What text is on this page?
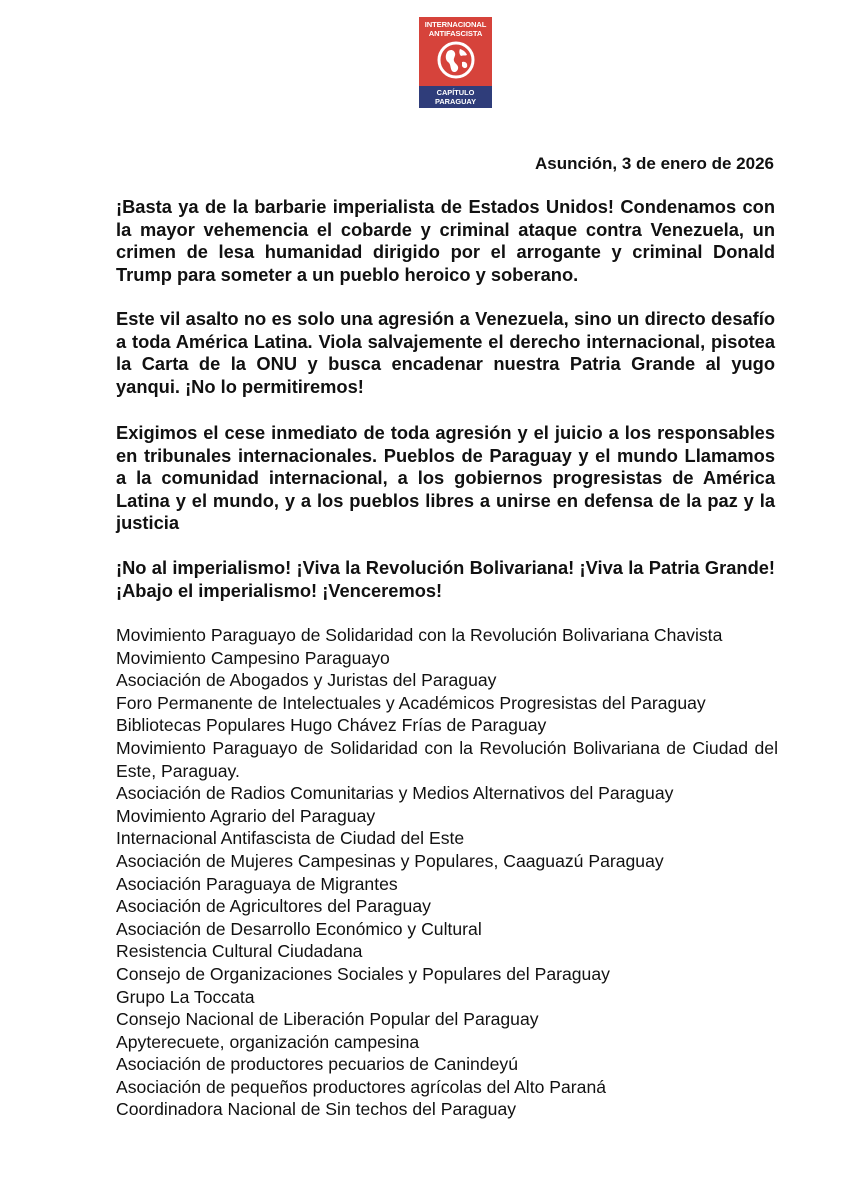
INTERNACIONAL
ANTIFASCISTA
CAPÍTULO
PARAGUAY
Asunción, 3 de enero de 2026

¡Basta ya de la barbarie imperialista de Estados Unidos! Condenamos con la mayor vehemencia el cobarde y criminal ataque contra Venezuela, un crimen de lesa humanidad dirigido por el arrogante y criminal Donald Trump para someter a un pueblo heroico y soberano.

Este vil asalto no es solo una agresión a Venezuela, sino un directo desafío a toda América Latina. Viola salvajemente el derecho internacional, pisotea la Carta de la ONU y busca encadenar nuestra Patria Grande al yugo yanqui. ¡No lo permitiremos!

Exigimos el cese inmediato de toda agresión y el juicio a los responsables en tribunales internacionales. Pueblos de Paraguay y el mundo Llamamos a la comunidad internacional, a los gobiernos progresistas de América Latina y el mundo, y a los pueblos libres a unirse en defensa de la paz y la justicia

¡No al imperialismo! ¡Viva la Revolución Bolivariana! ¡Viva la Patria Grande! ¡Abajo el imperialismo! ¡Venceremos!

Movimiento Paraguayo de Solidaridad con la Revolución Bolivariana Chavista
Movimiento Campesino Paraguayo
Asociación de Abogados y Juristas del Paraguay
Foro Permanente de Intelectuales y Académicos Progresistas del Paraguay
Bibliotecas Populares Hugo Chávez Frías de Paraguay
Movimiento Paraguayo de Solidaridad con la Revolución Bolivariana de Ciudad del Este, Paraguay.
Asociación de Radios Comunitarias y Medios Alternativos del Paraguay
Movimiento Agrario del Paraguay
Internacional Antifascista de Ciudad del Este
Asociación de Mujeres Campesinas y Populares, Caaguazú Paraguay
Asociación Paraguaya de Migrantes
Asociación de Agricultores del Paraguay
Asociación de Desarrollo Económico y Cultural
Resistencia Cultural Ciudadana
Consejo de Organizaciones Sociales y Populares del Paraguay
Grupo La Toccata
Consejo Nacional de Liberación Popular del Paraguay
Apyterecuete, organización campesina
Asociación de productores pecuarios de Canindeyú
Asociación de pequeños productores agrícolas del Alto Paraná
Coordinadora Nacional de Sin techos del Paraguay
